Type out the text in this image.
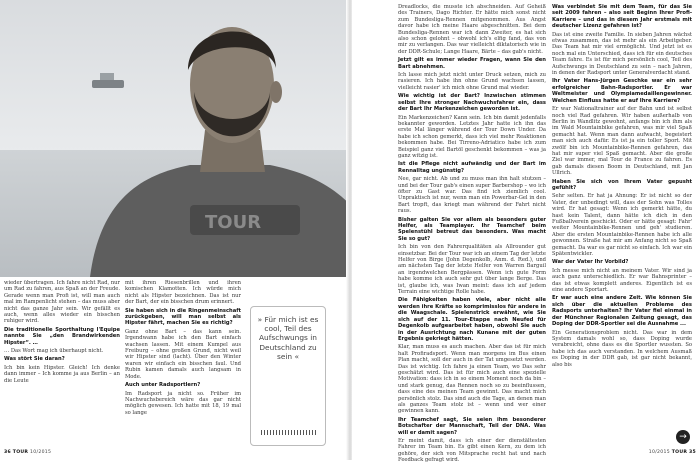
TOUR

wieder übertragen. Ich fahre nicht Rad, nur um Rad zu fahren, aus Spaß an der Freude. Gerade wenn man Profi ist, will man auch mal im Rampenlicht stehen – das muss aber nicht das ganze Jahr sein. Wir gefällt es auch, wenn alles wieder ein bisschen ruhiger wird.

Die traditionelle Sporthaltung l'Equipe nannte Sie „den Brandwirkenden Hipster“. …

… Das Wort mag ich überhaupt nicht.

Was stört Sie daran?

Ich bin kein Hipster. Gleich! Ich denke dann immer – Ich komme ja aus Berlin – an die Leute

mit ihren Riesenbrillen und ihren komischen Klamotten. Ich würde mich nicht als Hipster bezeichnen. Das ist nur der Bart, der ein bisschen drum erinnert.

Sie haben sich in die Ringenmeinschaft zurückgeben, will man selbst als Hipster fährt, machen Sie es richtig?

Ganz ohne Bart – das kann sein. Irgendwann habe ich den Bart einfach wachsen lassen. Mit einem Kumpel aus Freiburg – ohne großen Grund, nicht weil wir Hipster sind (lacht). Über den Winter waren wir einfach ein bisschen faul. Und Rubin kamen damals auch langsam in Mode.

Auch unter Radsportlern?

Im Radsport ja nicht so. Früher im Nachwuchsbereich wäre das gar nicht möglich gewesen. Ich hatte mit 18, 19 mal so lange

» Für mich ist es cool, Teil des Aufschwungs in Deutschland zu sein «
36 TOUR 10/2015

Dreadlocks, die musste ich abschneiden. Auf Geheiß des Trainers, Dago Richter. Er hätte mich sonst nicht zum Bundesliga-Rennen mitgenommen. Aus Angst davor habe ich meine Haare abgeschnitten. Bei dem Bundesliga-Rennen war ich dann Zweiter, es hat sich also schon gelohnt – obwohl ich's elfig fand, das von mir zu verlangen. Das war vielleicht diktatorisch wie in der DDR-Schule; Lange Haare, Bärte – das gab's nicht.

Jetzt gilt es immer wieder Fragen, wann Sie den Bart abnehmen.

Ich lasse mich jetzt nicht unter Druck setzen, mich zu rasieren. Ich habe ihn ohne Grund wachsen lassen, vielleicht rasier' ich mich ohne Grund mal wieder.

Wie wichtig ist der Bart? Inzwischen stimmen selbst Ihre stronger Nachwuchsfahrer ein, dass der Bart Ihr Markenzeichen geworden ist.

Ein Markenzeichen? Kann sein. Ich bin damit jedenfalls bekannter geworden. Letztes Jahr hatte ich ihn das erste Mal länger während der Tour Down Under. Da habe ich schon gemerkt, dass ich viel mehr Reaktionen bekommen habe. Bei Tirreno-Adriatico habe ich zum Beispiel ganz viel Bartöl geschenkt bekommen – was ja ganz witzig ist.

Ist die Pflege nicht aufwändig und der Bart im Rennalltag ungünstig?

Nee, gar nicht. Ab und zu muss man ihn halt stutzen – und bei der Tour gab's einen super Barbershop – wo ich öfter zu Gast war. Das find ich ziemlich cool. Unpraktisch ist nur, wenn man ein Powerbar-Gel in den Bart tropft, das kriegt man während der Fahrt nicht raus.

Bisher galten Sie vor allem als besonders guter Helfer, als Teamplayer. Ihr Teamchef beim Spelenstühl betreut das besonders. Was macht Sie so gut?

Ich bin von den Fahrerqualitäten als Allrounder gut einsetzbar. Bei der Tour war ich an einem Tag der letzte Helfer von Birge (John Degenkolb, Anm. d. Red.), und am nächsten Tag der letzte Helfer von Warren Barguil an irgendwelchen Bergpässen. Wenn ich gute Form habe komme ich auch sehr gut über lange Berge. Das ist, glaube ich, was Iwan meint: dass ich auf jedem Terrain eine wichtige Rolle habe.

Die Fähigkeiten haben viele, aber nicht alle werden ihre Kräfte so komprimisslos für andere in die Waagschale. Spielenstrick erwähnt, wie Sie sich auf der 11. Tour-Etappe nach Neufed für Degenkolb aufgearbeitet haben, obwohl Sie auch in der Ausrichtung nach Kunane mit der guten Ergebnis gekriegt hätten.

Klar, man muss es auch machen. Aber das ist für mich halt Profiradsport. Wenn man morgens im Bus einen Plan macht, soll der auch in der Tat umgesetzt werden. Das ist wichtig. Ich fahre ja einen Team, wo Das sehr geschätzt wird. Das ist für mich auch eine spezielle Motivation: dass ich in so einem Moment noch da bin – und stark genug, das Rennen noch so zu beeinflussen, dass eine des meinen Team gewinnt. Das macht mich persönlich stolz. Das sind auch die Tage, an denen man als ganzes Team stolz ist – wenn und wer einer gewinnen kann.

Ihr Teamchef sagt, Sie seien ihm besonderer Botschafter der Mannschaft, Teil der DNA. Was will er damit sagen?

Er meint damit, dass ich einer der dienstältesten Fahrer im Team bin. Es gibt einen Kern, zu dem ich gehöre, der sich von Mitsprache recht hat und nach Feedback gefragt wird.

Was verbindet Sie mit dem Team, für das Sie seit 2009 fahren – also seit Beginn Ihrer Profi-Karriere – und das in diesem Jahr erstmals mit deutscher Lizenz gefahren ist?

Das ist eine zweite Familie. In sieben Jahren wächst etwas zusammen, das ist mehr als ein Arbeitgeber. Das Team hat mir viel ermöglicht. Und jetzt ist es noch mal ein Unterschied, dass ich für ein deutsches Team fahre. Es ist für mich persönlich cool, Teil des Aufschwungs in Deutschland zu sein – nach Jahren, in denen der Radsport unter Generalverdacht stand.

Ihr Vater Hans-Jürgen Geschke war ein sehr erfolgreicher Bahn-Radsportler. Er war Weltmeister und Olympiamedaillengewinner. Welchen Einfluss hatte er auf Ihre Karriere?

Er war Nationaltrainer auf der Bahn und ist selbst noch viel Rad gefahren. Wir haben außerhalb von Berlin in Wandlitz gewohnt, anfangs bin ich ihm als im Wald Mountainbike gefahren, was mir viel Spaß gemacht hat. Wenn man dann aufwacht, begeistert man sich auch dafür. Es ist ja ein toller Sport. Mit zwölf bin ich Mountainbike-Rennen gefahren, das hat mir super viel Spaß gemacht. Aber die große Ziel war immer, mal Tour de France zu fahren. Es gab damals diesen Boom in Deutschland, mit Jan Ullrich.

Haben Sie sich von Ihrem Vater gepusht gefühlt?

Sehr selten. Er hat ja Ahnung: Er ist nicht so der Vater, der unbedingt will, dass der Sohn was Tolles wird. Er hat gesagt: Wenn ich gemerkt hätte, du hast kein Talent, dann hätte ich dich in den Fußballverein geschickt. Oder er hätte gesagt: Fahr' weiter Mountainbike-Rennen und geh' studieren. Aber die ersten Mountainbike-Rennen habe ich alle gewonnen. Straße hat mir am Anfang nicht so Spaß gemacht. Da war es gar nicht so einfach. Ich war ein Spätentwickler.

War der Vater Ihr Vorbild?

Ich messe mich nicht an meinem Vater. Wir sind ja auch ganz unterschiedlich. Er war Bahnsprinter – das ist etwas komplett anderes. Eigentlich ist es eine andere Sportart.

Er war auch eine andere Zeit. Wie können Sie sich über die aktuellen Probleme des Radsports unterhalten? Ihr Vater fiel einmal in der Münchner Regionalen Zeitung gesagt, das Doping der DDR-Sportler sei die Ausnahme ...

Ein Generationsproblem nicht. Das war in dem System damals wohl so, dass Doping wurde verabreicht, ohne dass es die Sportler wussten. So habe ich das auch verstanden. In welchem Ausmaß es Doping in der DDR gab, ist gar nicht bekannt, also bis

10/2015 TOUR 35
→
